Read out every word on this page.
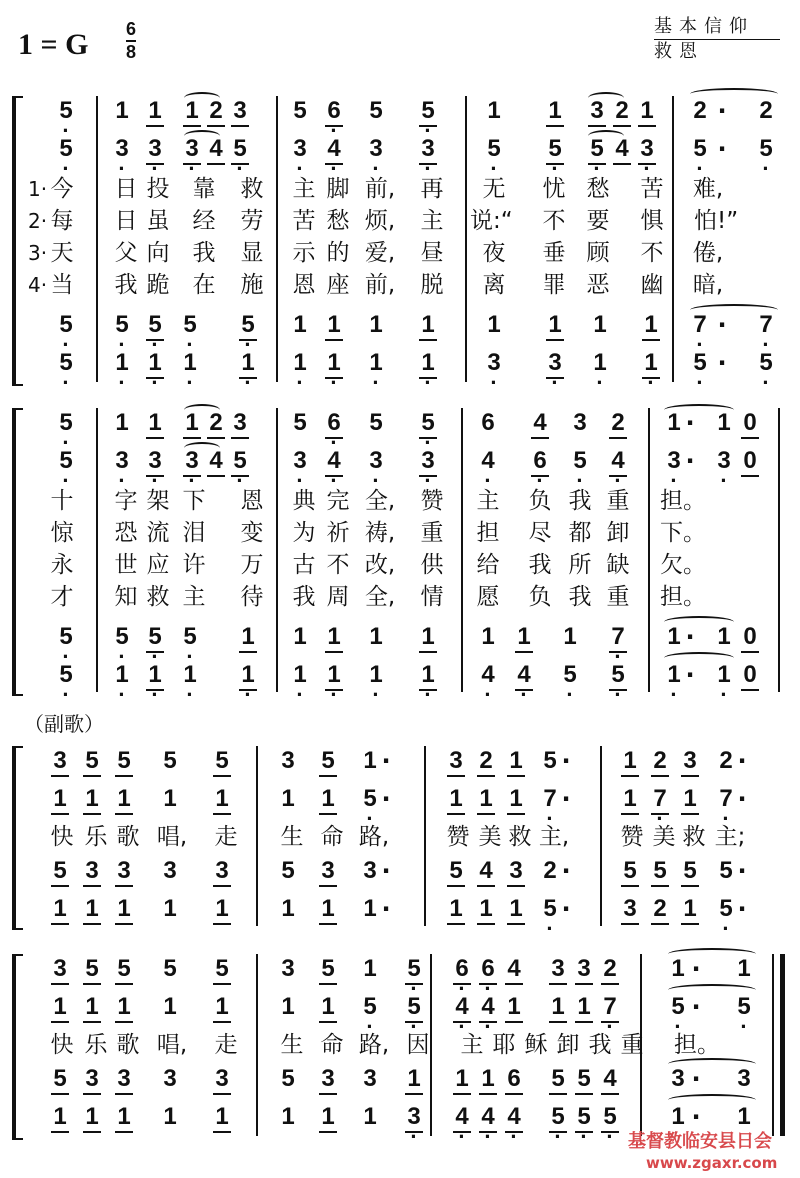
1 = G 6
8
基本信仰
救恩
· 5 1 1 1 2 3 5 · 6 5 · 5 1 1 3 2 1 2 · 2
· 5 · 3 · 3 · 3 4 · 5 · 3 · 4 · 3 · 3 · 5 · 5 · 5 4 · 3 · 5 · · 5
1· 今 日 投 靠 救 主 脚 前, 再 无 忧 愁 苦 难,
2· 每 日 虽 经 劳 苦 愁 烦, 主 说:“ 不 要 惧 怕!”
3· 天 父 向 我 显 示 的 爱, 昼 夜 垂 顾 不 倦,
4· 当 我 跪 在 施 恩 座 前, 脱 离 罪 恶 幽 暗,
· 5 · 5 · 5 · 5 · 5 1 1 1 1 1 1 1 1 · 7 · · 7
· 5 · 1 · 1 · 1 · 1 · 1 · 1 · 1 · 1 · 3 · 3 · 1 · 1 · 5 · · 5
· 5 1 1 1 2 3 5 · 6 5 · 5 6 4 3 2 1 · 1 0
· 5 · 3 · 3 · 3 4 · 5 · 3 · 4 · 3 · 3 · 4 · 6 · 5 · 4 · 3 · · 3 0
十 字 架 下 恩 典 完 全, 赞 主 负 我 重 担。
惊 恐 流 泪 变 为 祈 祷, 重 担 尽 都 卸 下。
永 世 应 许 万 古 不 改, 供 给 我 所 缺 欠。
才 知 救 主 待 我 周 全, 情 愿 负 我 重 担。
· 5 · 5 · 5 · 5 1 1 1 1 1 1 1 1 · 7 1 · 1 0
· 5 · 1 · 1 · 1 · 1 · 1 · 1 · 1 · 1 · 4 · 4 · 5 · 5 · 1 · · 1 0
（副歌）
3 5 5 5 5 3 5 1 · 3 2 1 5 · 1 2 3 2 ·
1 1 1 1 1 1 1 · 5 · 1 1 1 · 7 · 1 · 7 1 · 7 ·
快 乐 歌 唱, 走 生 命 路, 赞 美 救 主, 赞 美 救 主;
5 3 3 3 3 5 3 3 · 5 4 3 2 · 5 5 5 5 ·
1 1 1 1 1 1 1 1 · 1 1 1 · 5 · 3 2 1 · 5 ·
3 5 5 5 5 3 5 1 · 5 · 6 · 6 4 3 3 2 1 · 1
1 1 1 1 1 1 1 · 5 · 5 · 4 · 4 1 1 1 · 7 · 5 · · 5
快 乐 歌 唱, 走 生 命 路, 因 主 耶 稣 卸 我 重 担。
5 3 3 3 3 5 3 3 1 1 1 6 5 5 4 3 · 3
1 1 1 1 1 1 1 1 · 3 · 4 · 4 · 4 · 5 · 5 · 5 1 · 1
基督教临安县日会
www.zgaxr.com
